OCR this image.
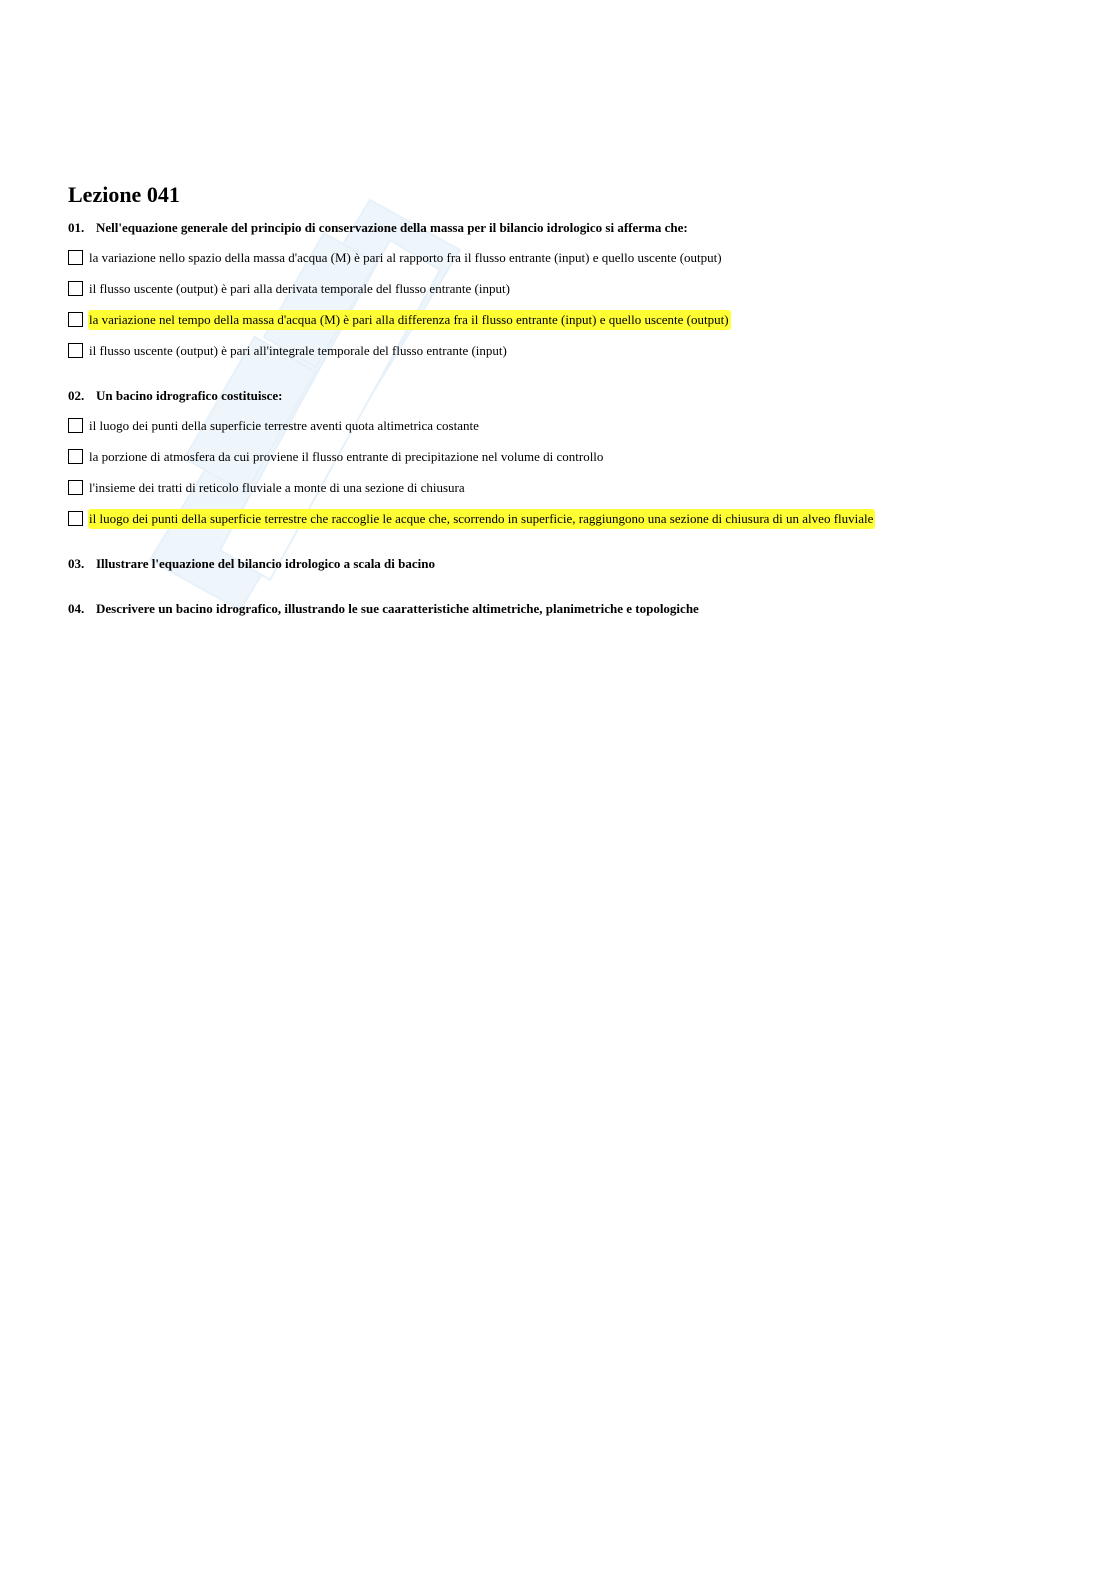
Lezione 041
01. Nell'equazione generale del principio di conservazione della massa per il bilancio idrologico si afferma che:
la variazione nello spazio della massa d'acqua (M) è pari al rapporto fra il flusso entrante (input) e quello uscente (output)
il flusso uscente (output) è pari alla derivata temporale del flusso entrante (input)
la variazione nel tempo della massa d'acqua (M) è pari alla differenza fra il flusso entrante (input) e quello uscente (output)
il flusso uscente (output) è pari all'integrale temporale del flusso entrante (input)
02. Un bacino idrografico costituisce:
il luogo dei punti della superficie terrestre aventi quota altimetrica costante
la porzione di atmosfera da cui proviene il flusso entrante di precipitazione nel volume di controllo
l'insieme dei tratti di reticolo fluviale a monte di una sezione di chiusura
il luogo dei punti della superficie terrestre che raccoglie le acque che, scorrendo in superficie, raggiungono una sezione di chiusura di un alveo fluviale
03. Illustrare l'equazione del bilancio idrologico a scala di bacino
04. Descrivere un bacino idrografico, illustrando le sue caaratteristiche altimetriche, planimetriche e topologiche
